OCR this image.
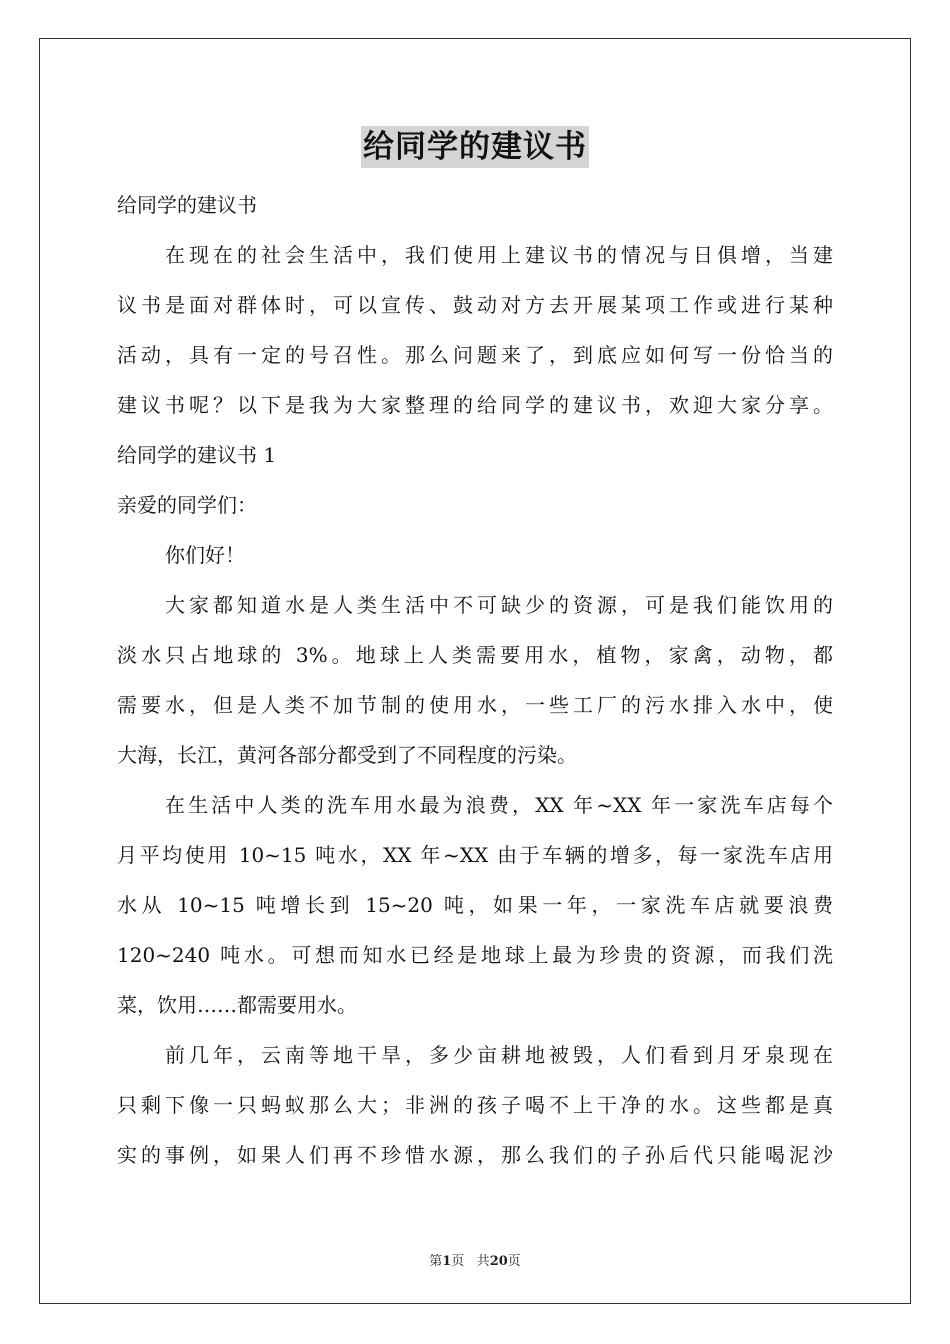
给同学的建议书
给同学的建议书
在现在的社会生活中，我们使用上建议书的情况与日俱增，当建
议书是面对群体时，可以宣传、鼓动对方去开展某项工作或进行某种
活动，具有一定的号召性。那么问题来了，到底应如何写一份恰当的
建议书呢？以下是我为大家整理的给同学的建议书，欢迎大家分享。
给同学的建议书 1
亲爱的同学们：
你们好！
大家都知道水是人类生活中不可缺少的资源，可是我们能饮用的
淡水只占地球的 3%。地球上人类需要用水，植物，家禽，动物，都
需要水，但是人类不加节制的使用水，一些工厂的污水排入水中，使
大海，长江，黄河各部分都受到了不同程度的污染。
在生活中人类的洗车用水最为浪费，XX 年~XX 年一家洗车店每个
月平均使用 10~15 吨水，XX 年~XX 由于车辆的增多，每一家洗车店用
水从 10~15 吨增长到 15~20 吨，如果一年，一家洗车店就要浪费
120~240 吨水。可想而知水已经是地球上最为珍贵的资源，而我们洗
菜，饮用……都需要用水。
前几年，云南等地干旱，多少亩耕地被毁，人们看到月牙泉现在
只剩下像一只蚂蚁那么大；非洲的孩子喝不上干净的水。这些都是真
实的事例，如果人们再不珍惜水源，那么我们的子孙后代只能喝泥沙
第1页 共20页
